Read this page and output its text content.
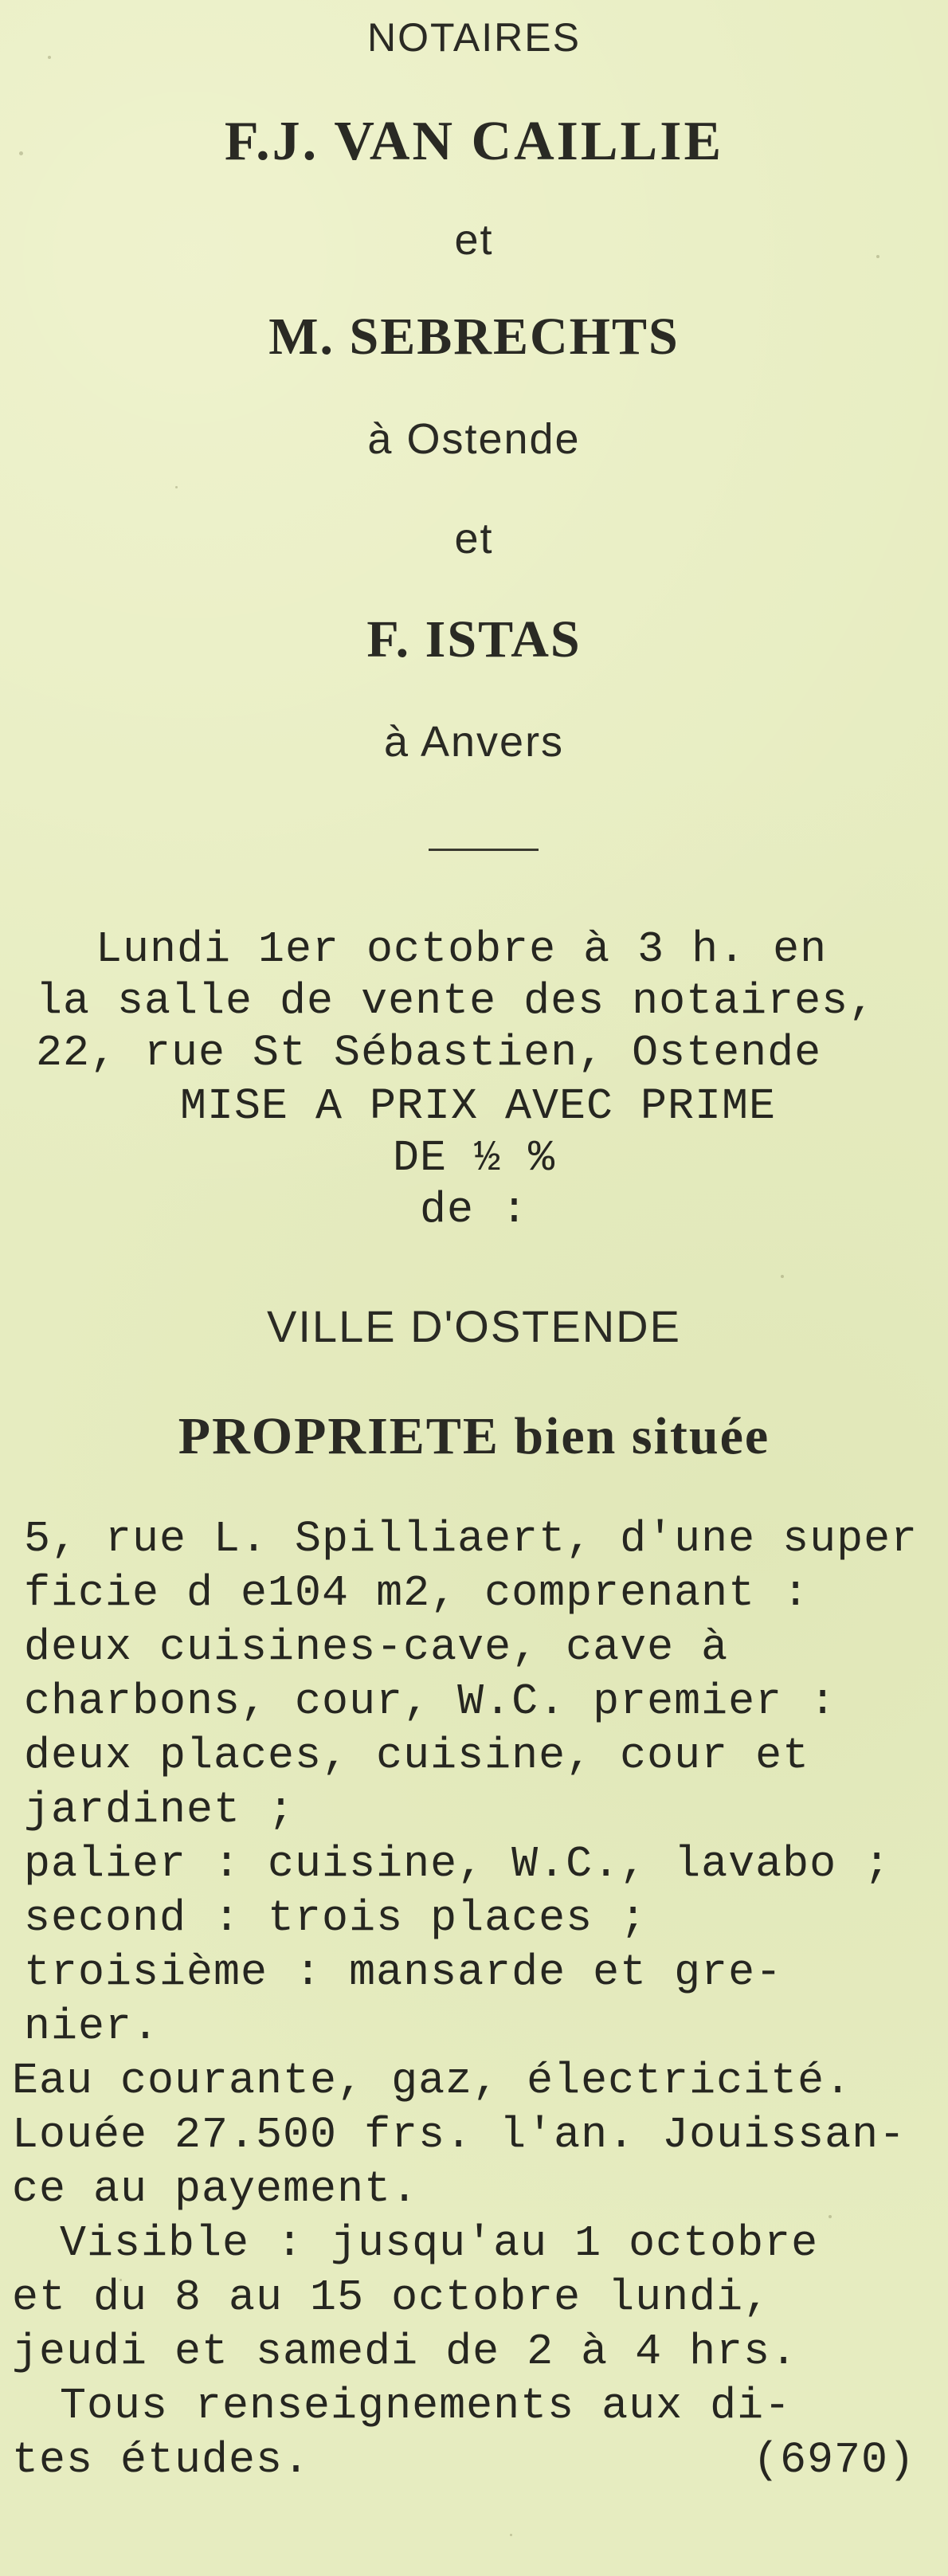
NOTAIRES
F.J. VAN CAILLIE
et
M. SEBRECHTS
à Ostende
et
F. ISTAS
à Anvers
Lundi 1er octobre à 3 h. en
la salle de vente des notaires,
22, rue St Sébastien, Ostende
MISE A PRIX AVEC PRIME
DE ½ %
de :
VILLE D'OSTENDE
PROPRIETE bien située
5, rue L. Spilliaert, d'une super
ficie d e104 m2, comprenant :
deux cuisines-cave, cave à
charbons, cour, W.C. premier :
deux places, cuisine, cour et
jardinet ;
palier : cuisine, W.C., lavabo ;
second : trois places ;
troisième : mansarde et gre-
nier.
Eau courante, gaz, électricité.
Louée 27.500 frs. l'an. Jouissan-
ce au payement.
Visible : jusqu'au 1 octobre
et du 8 au 15 octobre lundi,
jeudi et samedi de 2 à 4 hrs.
Tous renseignements aux di-
tes études.	(6970)
